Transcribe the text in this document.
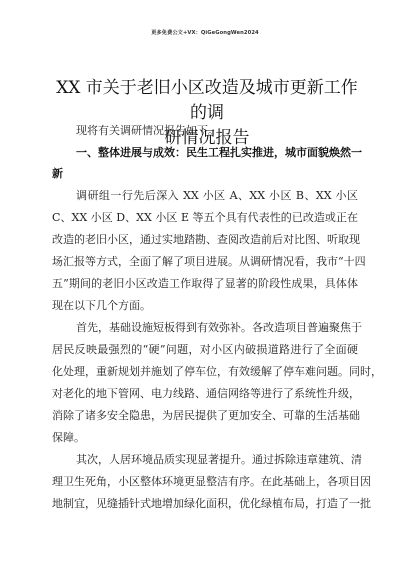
更多免费公文+VX：QiGeGongWen2024
XX 市关于老旧小区改造及城市更新工作的调
研情况报告
现将有关调研情况报告如下。
一、整体进展与成效：民生工程扎实推进，城市面貌焕然一
新
调研组一行先后深入 XX 小区 A、XX 小区 B、XX 小区
C、XX 小区 D、XX 小区 E 等五个具有代表性的已改造或正在
改造的老旧小区，通过实地踏勘、查阅改造前后对比图、听取现
场汇报等方式，全面了解了项目进展。从调研情况看，我市“十四
五”期间的老旧小区改造工作取得了显著的阶段性成果，具体体
现在以下几个方面。
首先，基础设施短板得到有效弥补。各改造项目普遍聚焦于
居民反映最强烈的“硬”问题，对小区内破损道路进行了全面硬
化处理，重新规划并施划了停车位，有效缓解了停车难问题。同时，
对老化的地下管网、电力线路、通信网络等进行了系统性升级，
消除了诸多安全隐患，为居民提供了更加安全、可靠的生活基础
保障。
其次，人居环境品质实现显著提升。通过拆除违章建筑、清
理卫生死角，小区整体环境更显整洁有序。在此基础上，各项目因
地制宜，见缝插针式地增加绿化面积，优化绿植布局，打造了一批
